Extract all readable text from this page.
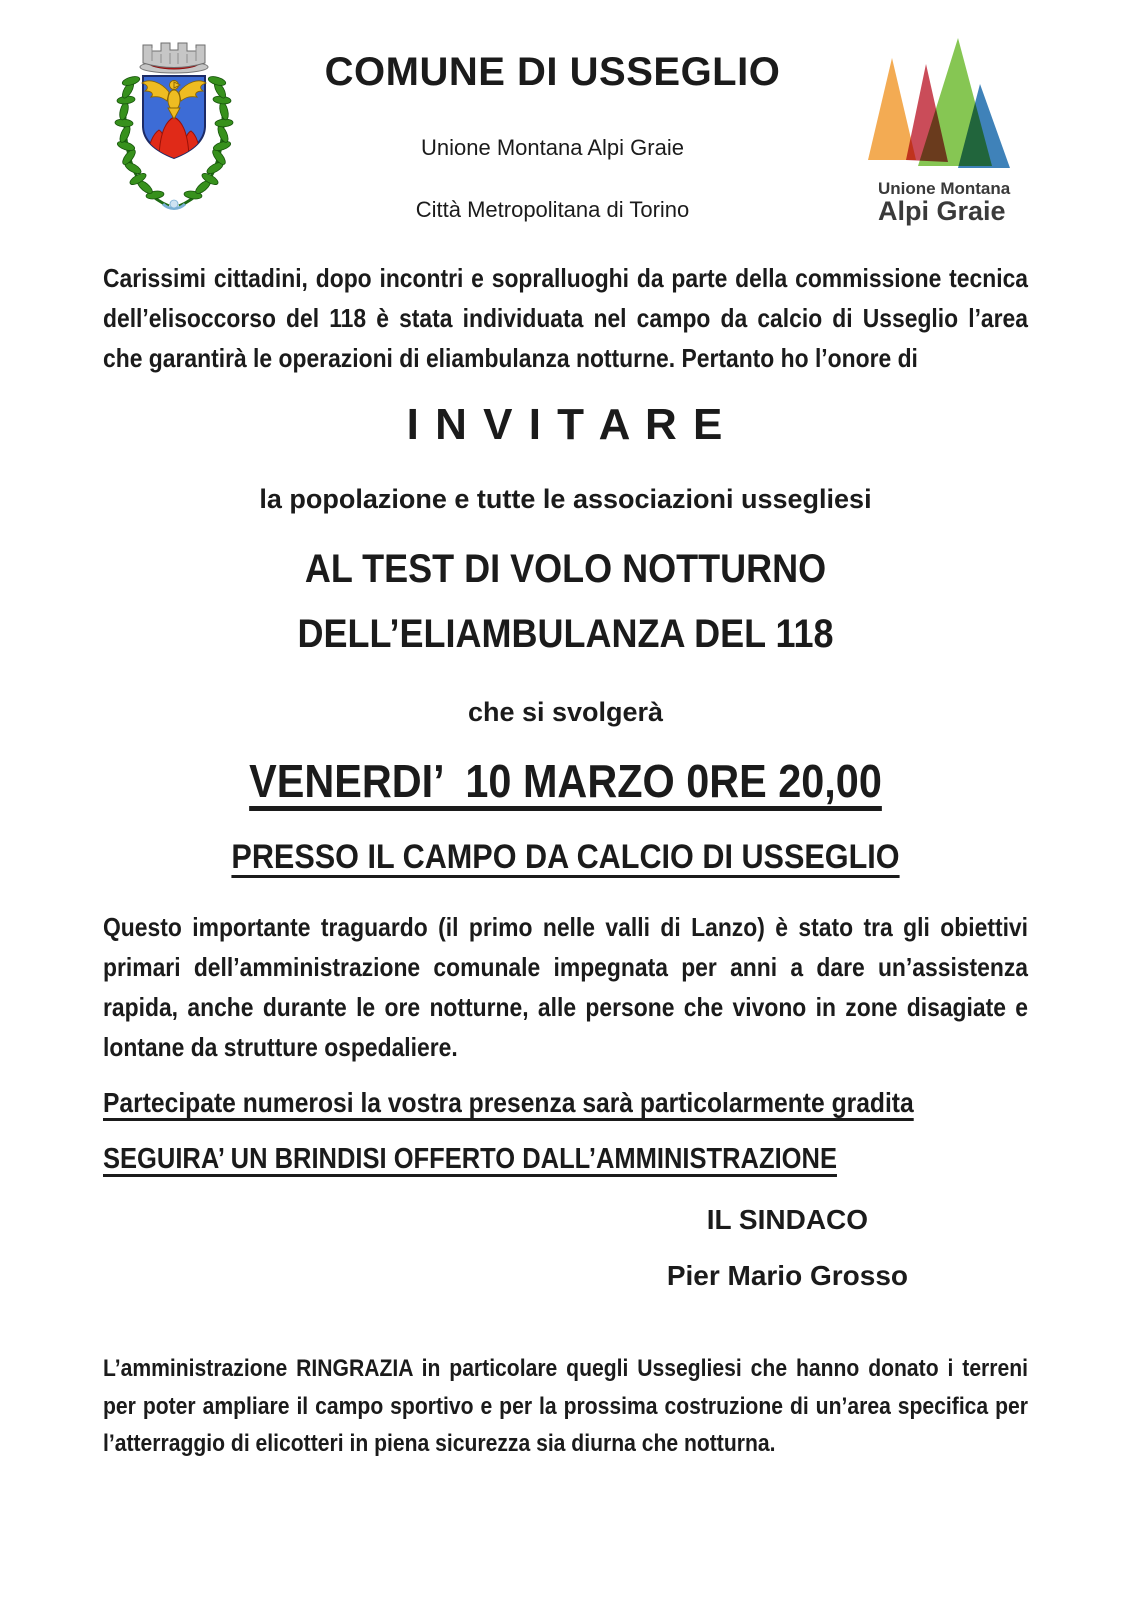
COMUNE DI USSEGLIO
Unione Montana Alpi Graie
Città Metropolitana di Torino
Unione Montana
Alpi Graie
Carissimi cittadini, dopo incontri e sopralluoghi da parte della commissione tecnica dell’elisoccorso del 118 è stata individuata nel campo da calcio di Usseglio l’area che garantirà le operazioni di eliambulanza notturne. Pertanto ho l’onore di
I N V I T A R E
la popolazione e tutte le associazioni ussegliesi
AL TEST DI VOLO NOTTURNO
DELL’ELIAMBULANZA DEL 118
che si svolgerà
VENERDI’  10 MARZO 0RE 20,00
PRESSO IL CAMPO DA CALCIO DI USSEGLIO
Questo importante traguardo (il primo nelle valli di Lanzo) è stato tra gli obiettivi primari dell’amministrazione comunale impegnata per anni a dare un’assistenza rapida, anche durante le ore notturne, alle persone che vivono in zone disagiate e lontane da strutture ospedaliere.
Partecipate numerosi la vostra presenza sarà particolarmente gradita
SEGUIRA’ UN BRINDISI OFFERTO DALL’AMMINISTRAZIONE
IL SINDACO
Pier Mario Grosso
L’amministrazione RINGRAZIA in particolare quegli Ussegliesi che hanno donato i terreni per poter ampliare il campo sportivo e per la prossima costruzione di un’area specifica per l’atterraggio di elicotteri in piena sicurezza sia diurna che notturna.
